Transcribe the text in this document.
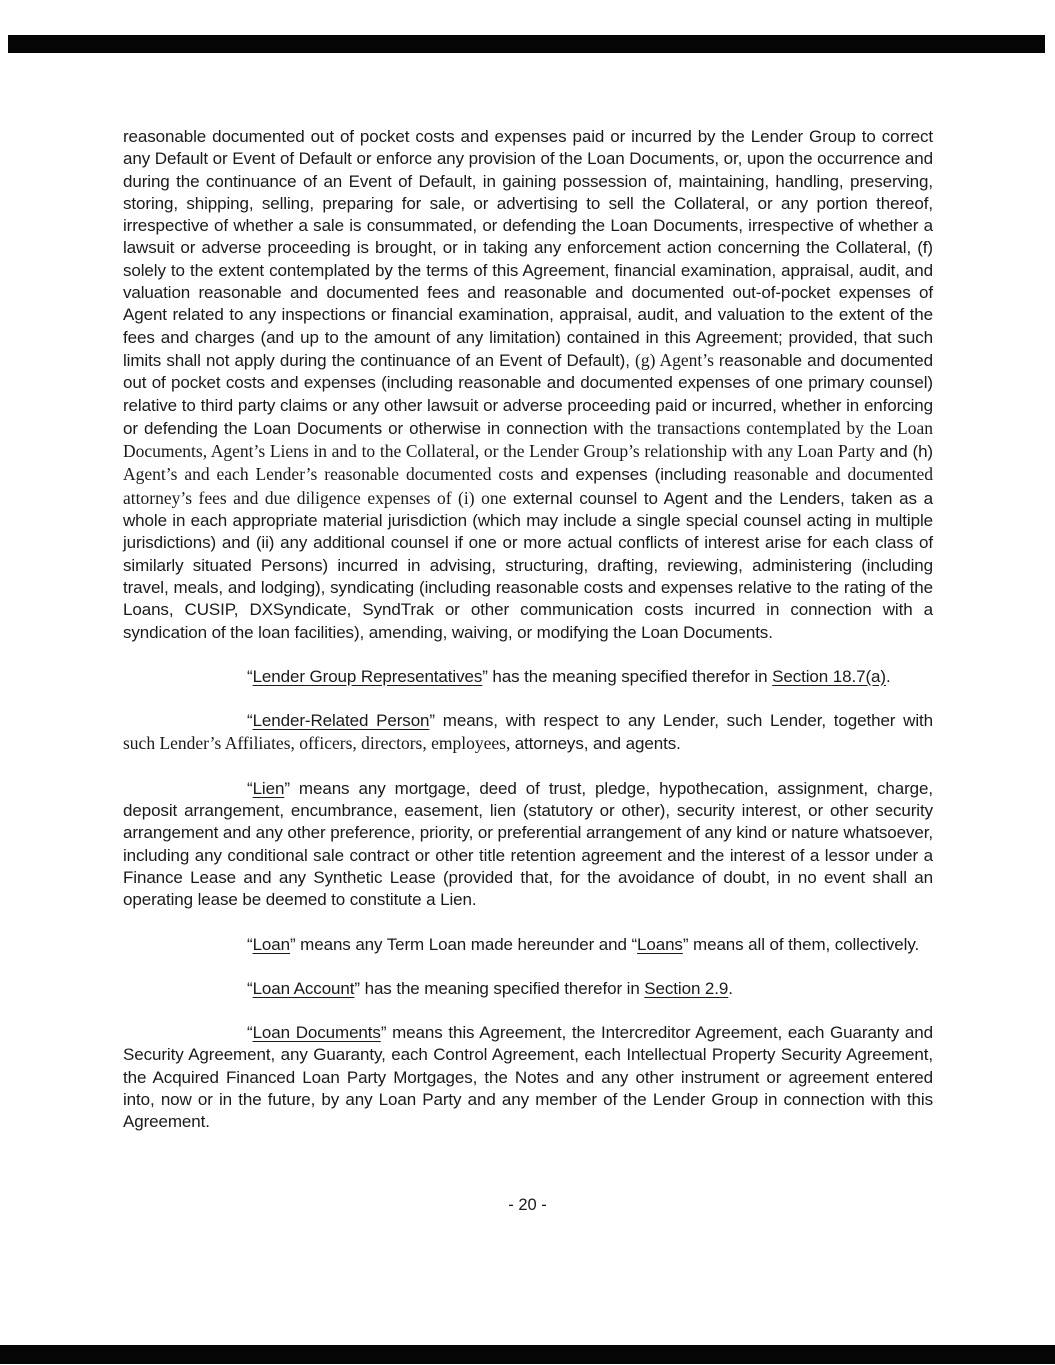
reasonable documented out of pocket costs and expenses paid or incurred by the Lender Group to correct any Default or Event of Default or enforce any provision of the Loan Documents, or, upon the occurrence and during the continuance of an Event of Default, in gaining possession of, maintaining, handling, preserving, storing, shipping, selling, preparing for sale, or advertising to sell the Collateral, or any portion thereof, irrespective of whether a sale is consummated, or defending the Loan Documents, irrespective of whether a lawsuit or adverse proceeding is brought, or in taking any enforcement action concerning the Collateral, (f) solely to the extent contemplated by the terms of this Agreement, financial examination, appraisal, audit, and valuation reasonable and documented fees and reasonable and documented out-of-pocket expenses of Agent related to any inspections or financial examination, appraisal, audit, and valuation to the extent of the fees and charges (and up to the amount of any limitation) contained in this Agreement; provided, that such limits shall not apply during the continuance of an Event of Default), (g) Agent’s reasonable and documented out of pocket costs and expenses (including reasonable and documented expenses of one primary counsel) relative to third party claims or any other lawsuit or adverse proceeding paid or incurred, whether in enforcing or defending the Loan Documents or otherwise in connection with the transactions contemplated by the Loan Documents, Agent’s Liens in and to the Collateral, or the Lender Group’s relationship with any Loan Party and (h) Agent’s and each Lender’s reasonable documented costs and expenses (including reasonable and documented attorney’s fees and due diligence expenses of (i) one external counsel to Agent and the Lenders, taken as a whole in each appropriate material jurisdiction (which may include a single special counsel acting in multiple jurisdictions) and (ii) any additional counsel if one or more actual conflicts of interest arise for each class of similarly situated Persons) incurred in advising, structuring, drafting, reviewing, administering (including travel, meals, and lodging), syndicating (including reasonable costs and expenses relative to the rating of the Loans, CUSIP, DXSyndicate, SyndTrak or other communication costs incurred in connection with a syndication of the loan facilities), amending, waiving, or modifying the Loan Documents.

“Lender Group Representatives” has the meaning specified therefor in Section 18.7(a).

“Lender-Related Person” means, with respect to any Lender, such Lender, together with such Lender’s Affiliates, officers, directors, employees, attorneys, and agents.

“Lien” means any mortgage, deed of trust, pledge, hypothecation, assignment, charge, deposit arrangement, encumbrance, easement, lien (statutory or other), security interest, or other security arrangement and any other preference, priority, or preferential arrangement of any kind or nature whatsoever, including any conditional sale contract or other title retention agreement and the interest of a lessor under a Finance Lease and any Synthetic Lease (provided that, for the avoidance of doubt, in no event shall an operating lease be deemed to constitute a Lien.

“Loan” means any Term Loan made hereunder and “Loans” means all of them, collectively.

“Loan Account” has the meaning specified therefor in Section 2.9.

“Loan Documents” means this Agreement, the Intercreditor Agreement, each Guaranty and Security Agreement, any Guaranty, each Control Agreement, each Intellectual Property Security Agreement, the Acquired Financed Loan Party Mortgages, the Notes and any other instrument or agreement entered into, now or in the future, by any Loan Party and any member of the Lender Group in connection with this Agreement.

- 20 -
